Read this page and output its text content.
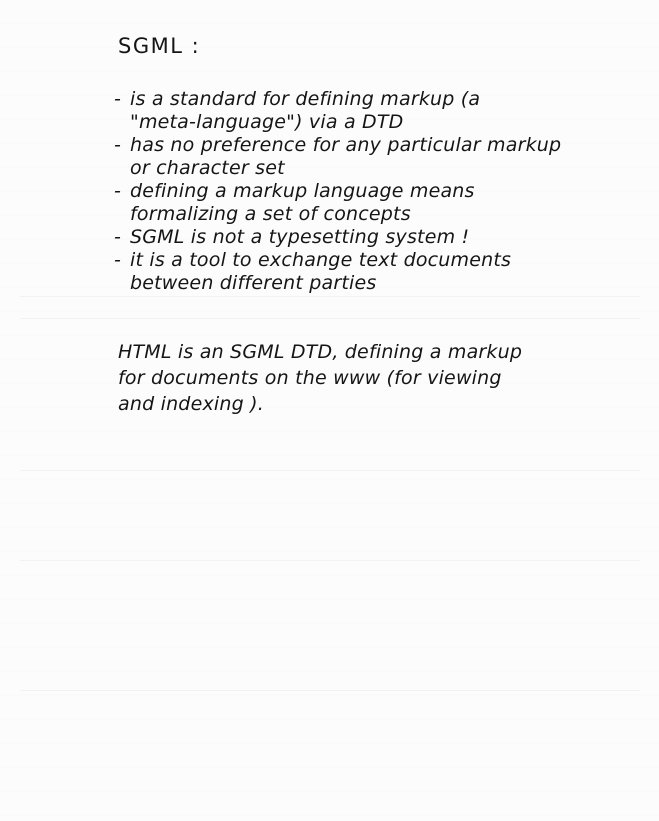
SGML :
- is a standard for defining markup (a
"meta-language") via a DTD
- has no preference for any particular markup
or character set
- defining a markup language means
formalizing a set of concepts
- SGML is not a typesetting system !
- it is a tool to exchange text documents
between different parties
HTML is an SGML DTD, defining a markup
for documents on the www (for viewing
and indexing ).
